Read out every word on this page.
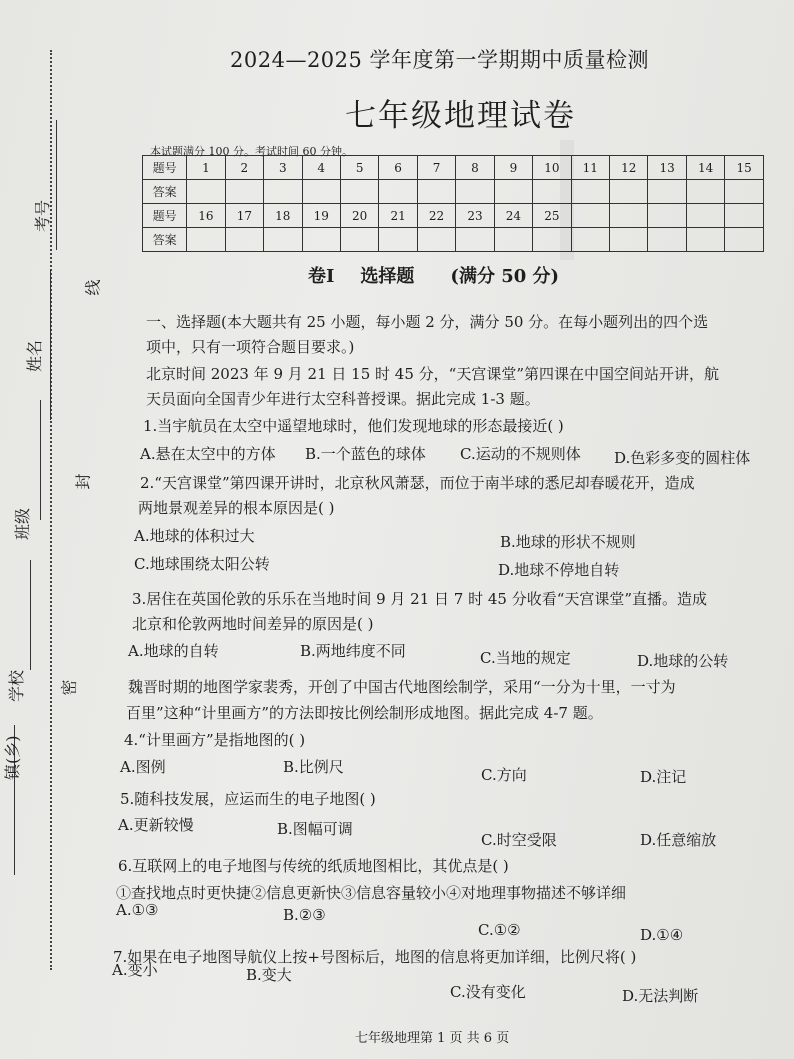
考号
姓名
班级
学校
镇(乡)
线
封
密
2024—2025 学年度第一学期期中质量检测
七年级地理试卷
本试题满分 100 分。考试时间 60 分钟。
题号	1	2	3	4	5	6	7	8	9	10	11	12	13	14	15
答案															
题号	16	17	18	19	20	21	22	23	24	25					
答案															
卷Ⅰ 选择题 (满分 50 分)
一、选择题(本大题共有 25 小题，每小题 2 分，满分 50 分。在每小题列出的四个选
项中，只有一项符合题目要求。)
北京时间 2023 年 9 月 21 日 15 时 45 分，“天宫课堂”第四课在中国空间站开讲，航
天员面向全国青少年进行太空科普授课。据此完成 1-3 题。
1.当宇航员在太空中遥望地球时，他们发现地球的形态最接近( )
A.悬在太空中的方体 B.一个蓝色的球体 C.运动的不规则体 D.色彩多变的圆柱体
2.“天宫课堂”第四课开讲时，北京秋风萧瑟，而位于南半球的悉尼却春暖花开，造成
两地景观差异的根本原因是( )
A.地球的体积过大	B.地球的形状不规则
C.地球围绕太阳公转	D.地球不停地自转
3.居住在英国伦敦的乐乐在当地时间 9 月 21 日 7 时 45 分收看“天宫课堂”直播。造成
北京和伦敦两地时间差异的原因是( )
A.地球的自转	B.两地纬度不同	C.当地的规定	D.地球的公转
魏晋时期的地图学家裴秀，开创了中国古代地图绘制学，采用“一分为十里，一寸为
百里”这种“计里画方”的方法即按比例绘制形成地图。据此完成 4-7 题。
4.“计里画方”是指地图的( )
A.图例	B.比例尺	C.方向	D.注记
5.随科技发展，应运而生的电子地图( )
A.更新较慢	B.图幅可调
C.时空受限	D.任意缩放
6.互联网上的电子地图与传统的纸质地图相比，其优点是( )
①查找地点时更快捷②信息更新快③信息容量较小④对地理事物描述不够详细
A.①③	B.②③
C.①②	D.①④
7.如果在电子地图导航仪上按+号图标后，地图的信息将更加详细，比例尺将( )
A.变小	B.变大
C.没有变化	D.无法判断
七年级地理第 1 页 共 6 页
